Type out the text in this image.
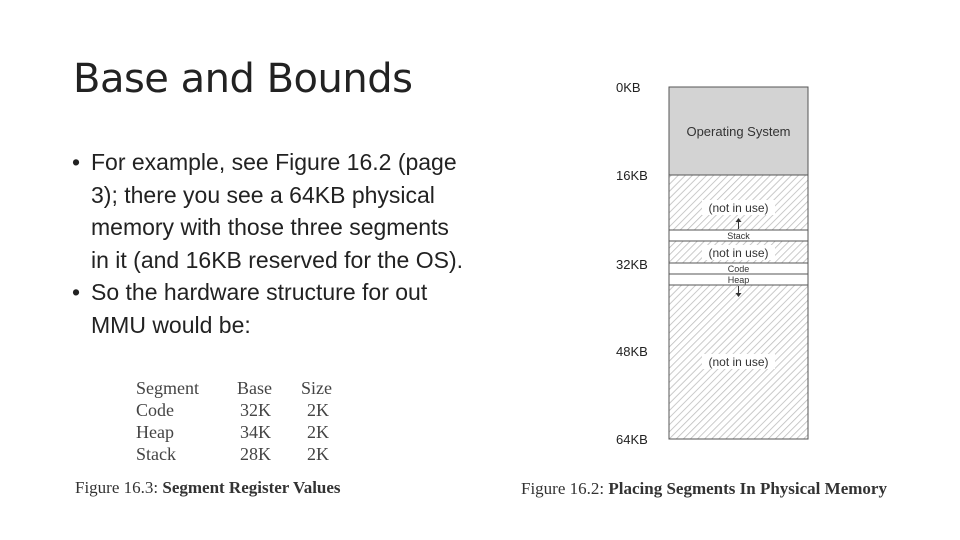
Base and Bounds
• For example, see Figure 16.2 (page 3); there you see a 64KB physical memory with those three segments in it (and 16KB reserved for the OS).
• So the hardware structure for out MMU would be:
Segment	Base	Size
Code	32K	2K
Heap	34K	2K
Stack	28K	2K
Figure 16.3: Segment Register Values
0KB
16KB
32KB
48KB
64KB
Operating System
(not in use)
Stack
(not in use)
Code
Heap
(not in use)
Figure 16.2: Placing Segments In Physical Memory
